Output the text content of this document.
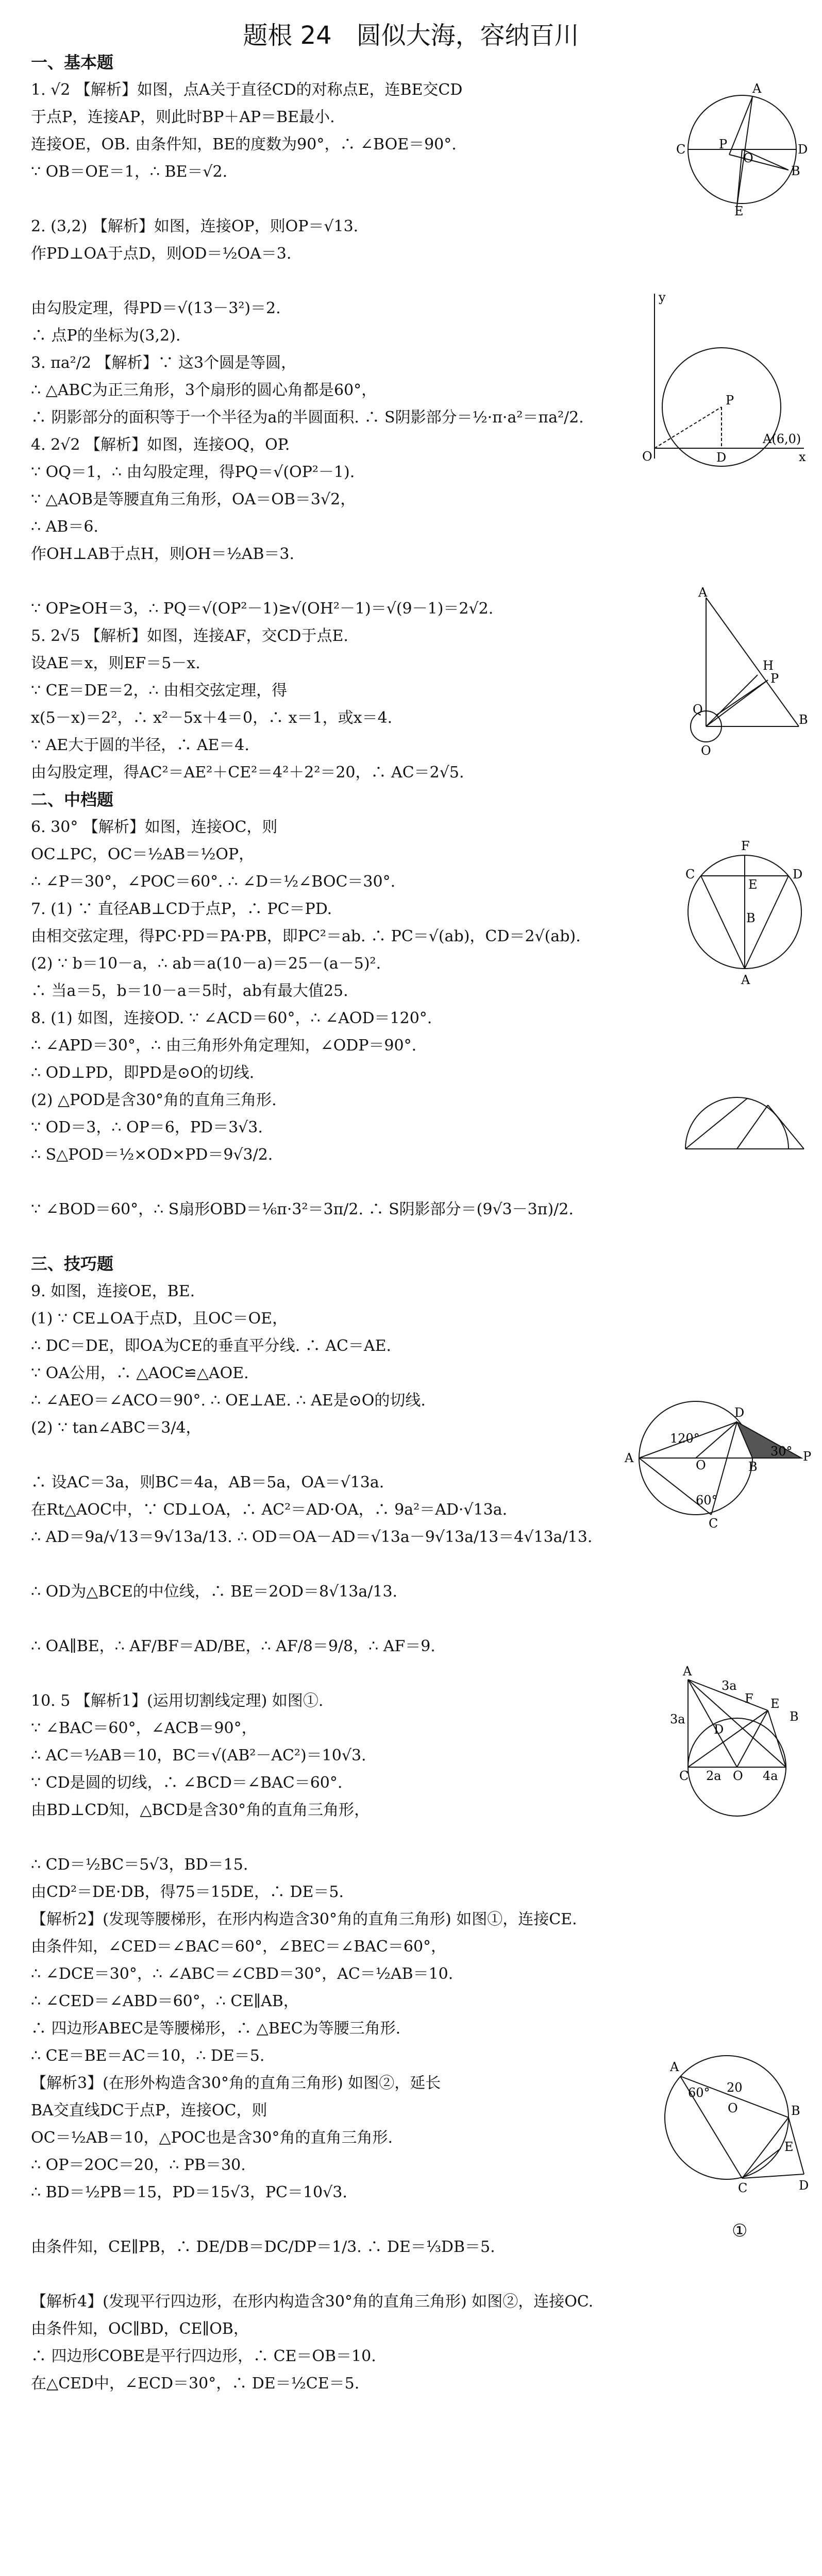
题根 24　圆似大海，容纳百川

一、基本题

1. √2 【解析】如图，点A关于直径CD的对称点E，连BE交CD

于点P，连接AP，则此时BP＋AP＝BE最小.

连接OE，OB. 由条件知，BE的度数为90°，∴ ∠BOE＝90°.

∵ OB＝OE＝1，∴ BE＝√2.

2. (3,2) 【解析】如图，连接OP，则OP＝√13.

作PD⊥OA于点D，则OD＝½OA＝3.

由勾股定理，得PD＝√(13－3²)＝2.

∴ 点P的坐标为(3,2).

3. πa²/2 【解析】∵ 这3个圆是等圆，

∴ △ABC为正三角形，3个扇形的圆心角都是60°，

∴ 阴影部分的面积等于一个半径为a的半圆面积. ∴ S阴影部分＝½·π·a²＝πa²/2.

4. 2√2 【解析】如图，连接OQ，OP.

∵ OQ＝1，∴ 由勾股定理，得PQ＝√(OP²－1).

∵ △AOB是等腰直角三角形，OA＝OB＝3√2，

∴ AB＝6.

作OH⊥AB于点H，则OH＝½AB＝3.

∵ OP≥OH＝3，∴ PQ＝√(OP²－1)≥√(OH²－1)＝√(9－1)＝2√2.

5. 2√5 【解析】如图，连接AF，交CD于点E.

设AE＝x，则EF＝5－x.

∵ CE＝DE＝2，∴ 由相交弦定理，得

x(5－x)＝2²，∴ x²－5x＋4＝0，∴ x＝1，或x＝4.

∵ AE大于圆的半径，∴ AE＝4.

由勾股定理，得AC²＝AE²＋CE²＝4²＋2²＝20，∴ AC＝2√5.

二、中档题

6. 30° 【解析】如图，连接OC，则

OC⊥PC，OC＝½AB＝½OP，

∴ ∠P＝30°，∠POC＝60°. ∴ ∠D＝½∠BOC＝30°.

7. (1) ∵ 直径AB⊥CD于点P，∴ PC＝PD.

由相交弦定理，得PC·PD＝PA·PB，即PC²＝ab. ∴ PC＝√(ab)，CD＝2√(ab).

(2) ∵ b＝10－a，∴ ab＝a(10－a)＝25－(a－5)².

∴ 当a＝5，b＝10－a＝5时，ab有最大值25.

8. (1) 如图，连接OD. ∵ ∠ACD＝60°，∴ ∠AOD＝120°.

∴ ∠APD＝30°，∴ 由三角形外角定理知，∠ODP＝90°.

∴ OD⊥PD，即PD是⊙O的切线.

(2) △POD是含30°角的直角三角形.

∵ OD＝3，∴ OP＝6，PD＝3√3.

∴ S△POD＝½×OD×PD＝9√3/2.

∵ ∠BOD＝60°，∴ S扇形OBD＝⅙π·3²＝3π/2. ∴ S阴影部分＝(9√3－3π)/2.

三、技巧题

9. 如图，连接OE，BE.

(1) ∵ CE⊥OA于点D，且OC＝OE，

∴ DC＝DE，即OA为CE的垂直平分线. ∴ AC＝AE.

∵ OA公用，∴ △AOC≌△AOE.

∴ ∠AEO＝∠ACO＝90°. ∴ OE⊥AE. ∴ AE是⊙O的切线.

(2) ∵ tan∠ABC＝3/4，

∴ 设AC＝3a，则BC＝4a，AB＝5a，OA＝√13a.

在Rt△AOC中，∵ CD⊥OA，∴ AC²＝AD·OA，∴ 9a²＝AD·√13a.

∴ AD＝9a/√13＝9√13a/13. ∴ OD＝OA－AD＝√13a－9√13a/13＝4√13a/13.

∴ OD为△BCE的中位线，∴ BE＝2OD＝8√13a/13.

∴ OA∥BE，∴ AF/BF＝AD/BE，∴ AF/8＝9/8，∴ AF＝9.

10. 5 【解析1】(运用切割线定理) 如图①.

∵ ∠BAC＝60°，∠ACB＝90°，

∴ AC＝½AB＝10，BC＝√(AB²－AC²)＝10√3.

∵ CD是圆的切线，∴ ∠BCD＝∠BAC＝60°.

由BD⊥CD知，△BCD是含30°角的直角三角形，

∴ CD＝½BC＝5√3，BD＝15.

由CD²＝DE·DB，得75＝15DE，∴ DE＝5.

【解析2】(发现等腰梯形，在形内构造含30°角的直角三角形) 如图①，连接CE.

由条件知，∠CED＝∠BAC＝60°，∠BEC＝∠BAC＝60°，

∴ ∠DCE＝30°，∴ ∠ABC＝∠CBD＝30°，AC＝½AB＝10.

∴ ∠CED＝∠ABD＝60°，∴ CE∥AB，

∴ 四边形ABEC是等腰梯形，∴ △BEC为等腰三角形.

∴ CE＝BE＝AC＝10，∴ DE＝5.

【解析3】(在形外构造含30°角的直角三角形) 如图②，延长

BA交直线DC于点P，连接OC，则

OC＝½AB＝10，△POC也是含30°角的直角三角形.

∴ OP＝2OC＝20，∴ PB＝30.

∴ BD＝½PB＝15，PD＝15√3，PC＝10√3.

由条件知，CE∥PB，∴ DE/DB＝DC/DP＝1/3. ∴ DE＝⅓DB＝5.

【解析4】(发现平行四边形，在形内构造含30°角的直角三角形) 如图②，连接OC.

由条件知，OC∥BD，CE∥OB，

∴ 四边形COBE是平行四边形，∴ CE＝OB＝10.

在△CED中，∠ECD＝30°，∴ DE＝½CE＝5.

A
C	D
O
P
B
E
y
x
O	D
A(6,0)
P
A
B
P
H
Q
O
F
C
E
D
A
B
120°
A
B
P
O
30°
60°
D
C
3a
F
B
A
E
D
O
C
3a
2a	4a
A
B
20
60°
O
E
C	D
①
